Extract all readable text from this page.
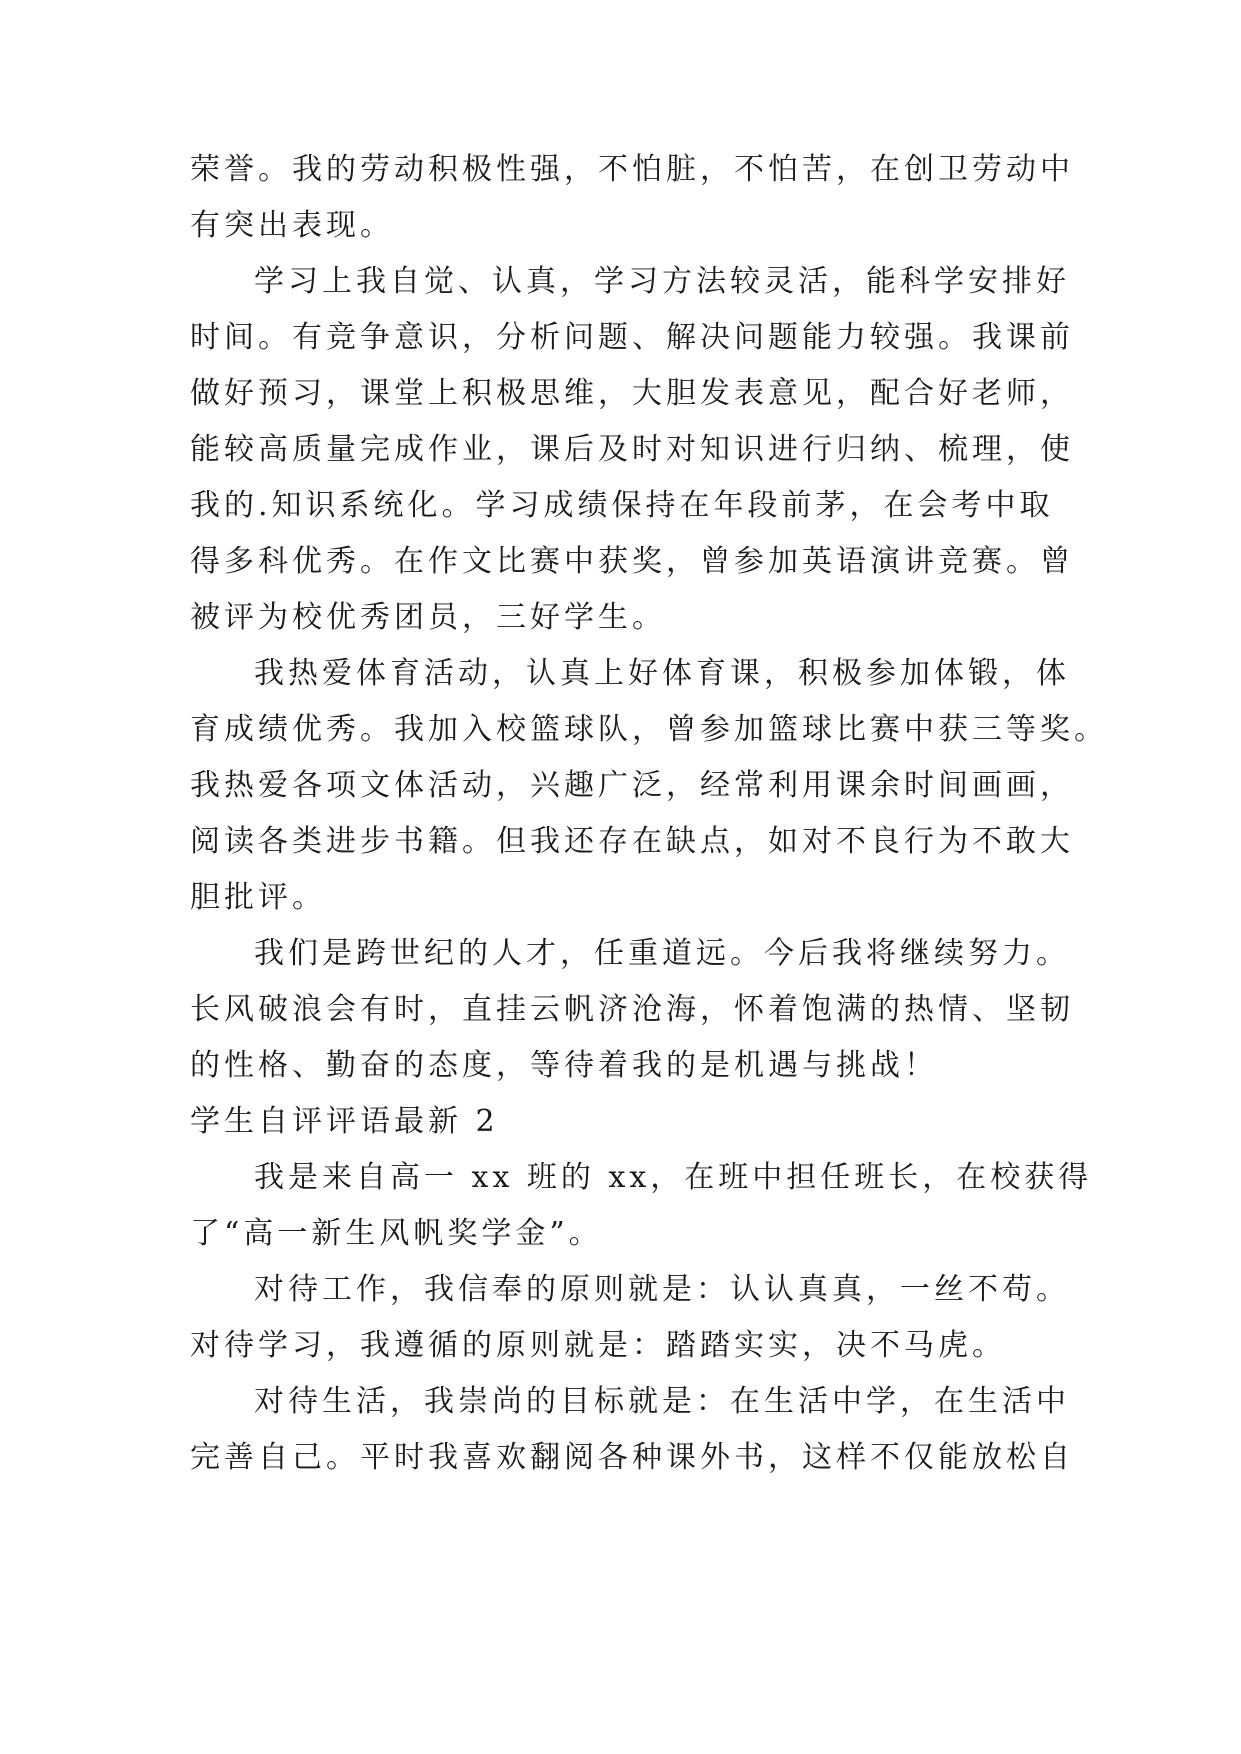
荣誉。我的劳动积极性强，不怕脏，不怕苦，在创卫劳动中
有突出表现。
学习上我自觉、认真，学习方法较灵活，能科学安排好
时间。有竞争意识，分析问题、解决问题能力较强。我课前
做好预习，课堂上积极思维，大胆发表意见，配合好老师，
能较高质量完成作业，课后及时对知识进行归纳、梳理，使
我的.知识系统化。学习成绩保持在年段前茅，在会考中取
得多科优秀。在作文比赛中获奖，曾参加英语演讲竞赛。曾
被评为校优秀团员，三好学生。
我热爱体育活动，认真上好体育课，积极参加体锻，体
育成绩优秀。我加入校篮球队，曾参加篮球比赛中获三等奖。
我热爱各项文体活动，兴趣广泛，经常利用课余时间画画，
阅读各类进步书籍。但我还存在缺点，如对不良行为不敢大
胆批评。
我们是跨世纪的人才，任重道远。今后我将继续努力。
长风破浪会有时，直挂云帆济沧海，怀着饱满的热情、坚韧
的性格、勤奋的态度，等待着我的是机遇与挑战！
学生自评评语最新 2
我是来自高一 xx 班的 xx，在班中担任班长，在校获得
了“高一新生风帆奖学金”。
对待工作，我信奉的原则就是：认认真真，一丝不苟。
对待学习，我遵循的原则就是：踏踏实实，决不马虎。
对待生活，我崇尚的目标就是：在生活中学，在生活中
完善自己。平时我喜欢翻阅各种课外书，这样不仅能放松自
